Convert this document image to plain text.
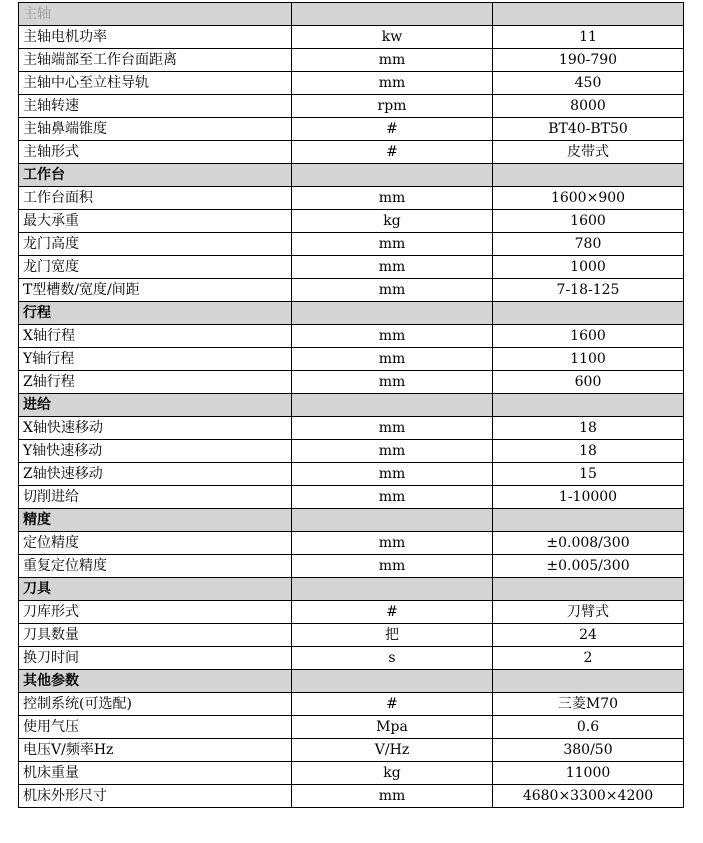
主轴		
主轴电机功率	kw	11
主轴端部至工作台面距离	mm	190-790
主轴中心至立柱导轨	mm	450
主轴转速	rpm	8000
主轴鼻端锥度	#	BT40-BT50
主轴形式	#	皮带式
工作台		
工作台面积	mm	1600×900
最大承重	kg	1600
龙门高度	mm	780
龙门宽度	mm	1000
T型槽数/宽度/间距	mm	7-18-125
行程		
X轴行程	mm	1600
Y轴行程	mm	1100
Z轴行程	mm	600
进给		
X轴快速移动	mm	18
Y轴快速移动	mm	18
Z轴快速移动	mm	15
切削进给	mm	1-10000
精度		
定位精度	mm	±0.008/300
重复定位精度	mm	±0.005/300
刀具		
刀库形式	#	刀臂式
刀具数量	把	24
换刀时间	s	2
其他参数		
控制系统(可选配)	#	三菱M70
使用气压	Mpa	0.6
电压V/频率Hz	V/Hz	380/50
机床重量	kg	11000
机床外形尺寸	mm	4680×3300×4200
